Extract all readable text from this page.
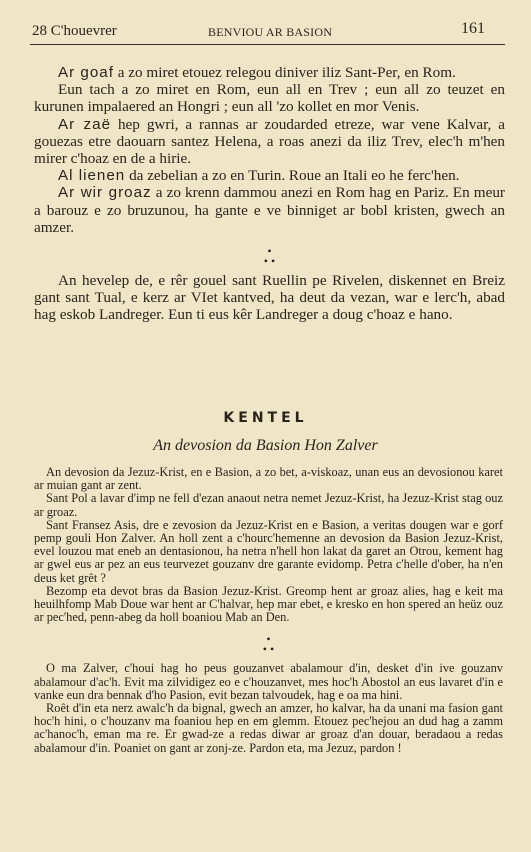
28 C'houevrer	BENVIOU AR BASION	161

Ar goaf a zo miret etouez relegou diniver iliz Sant-Per, en Rom.

Eun tach a zo miret en Rom, eun all en Trev ; eun all zo teuzet en kurunen impalaered an Hongri ; eun all 'zo kollet en mor Venis.

Ar zaë hep gwri, a rannas ar zoudarded etreze, war vene Kalvar, a gouezas etre daouarn santez Helena, a roas anezi da iliz Trev, elec'h m'hen mirer c'hoaz en de a hirie.

Al lienen da zebelian a zo en Turin. Roue an Itali eo he ferc'hen.

Ar wir groaz a zo krenn dammou anezi en Rom hag en Pariz. En meur a barouz e zo bruzunou, ha gante e ve binniget ar bobl kristen, gwech an amzer.

•
• •

An hevelep de, e rêr gouel sant Ruellin pe Rivelen, diskennet en Breiz gant sant Tual, e kerz ar VIet kantved, ha deut da vezan, war e lerc'h, abad hag eskob Landreger. Eun ti eus kêr Landreger a doug c'hoaz e hano.

KENTEL
An devosion da Basion Hon Zalver

An devosion da Jezuz-Krist, en e Basion, a zo bet, a-viskoaz, unan eus an devosionou karet ar muian gant ar zent.

Sant Pol a lavar d'imp ne fell d'ezan anaout netra nemet Jezuz-Krist, ha Jezuz-Krist stag ouz ar groaz.

Sant Fransez Asis, dre e zevosion da Jezuz-Krist en e Basion, a veritas dougen war e gorf pemp gouli Hon Zalver. An holl zent a c'hourc'hemenne an devosion da Basion Jezuz-Krist, evel louzou mat eneb an dentasionou, ha netra n'hell hon lakat da garet an Otrou, kement hag ar gwel eus ar pez an eus teurvezet gouzanv dre garante evidomp. Petra c'helle d'ober, ha n'en deus ket grêt ?

Bezomp eta devot bras da Basion Jezuz-Krist. Greomp hent ar groaz alies, hag e keit ma heuilhfomp Mab Doue war hent ar C'halvar, hep mar ebet, e kresko en hon spered an heüz ouz ar pec'hed, penn-abeg da holl boaniou Mab an Den.

•
• •

O ma Zalver, c'houi hag ho peus gouzanvet abalamour d'in, desket d'in ive gouzanv abalamour d'ac'h. Evit ma zilvidigez eo e c'houzanvet, mes hoc'h Abostol an eus lavaret d'in e vanke eun dra bennak d'ho Pasion, evit bezan talvoudek, hag e oa ma hini.

Roêt d'in eta nerz awalc'h da bignal, gwech an amzer, ho kalvar, ha da unani ma fasion gant hoc'h hini, o c'houzanv ma foaniou hep en em glemm. Etouez pec'hejou an dud hag a zamm ac'hanoc'h, eman ma re. Er gwad-ze a redas diwar ar groaz d'an douar, beradaou a redas abalamour d'in. Poaniet on gant ar zonj-ze. Pardon eta, ma Jezuz, pardon !
